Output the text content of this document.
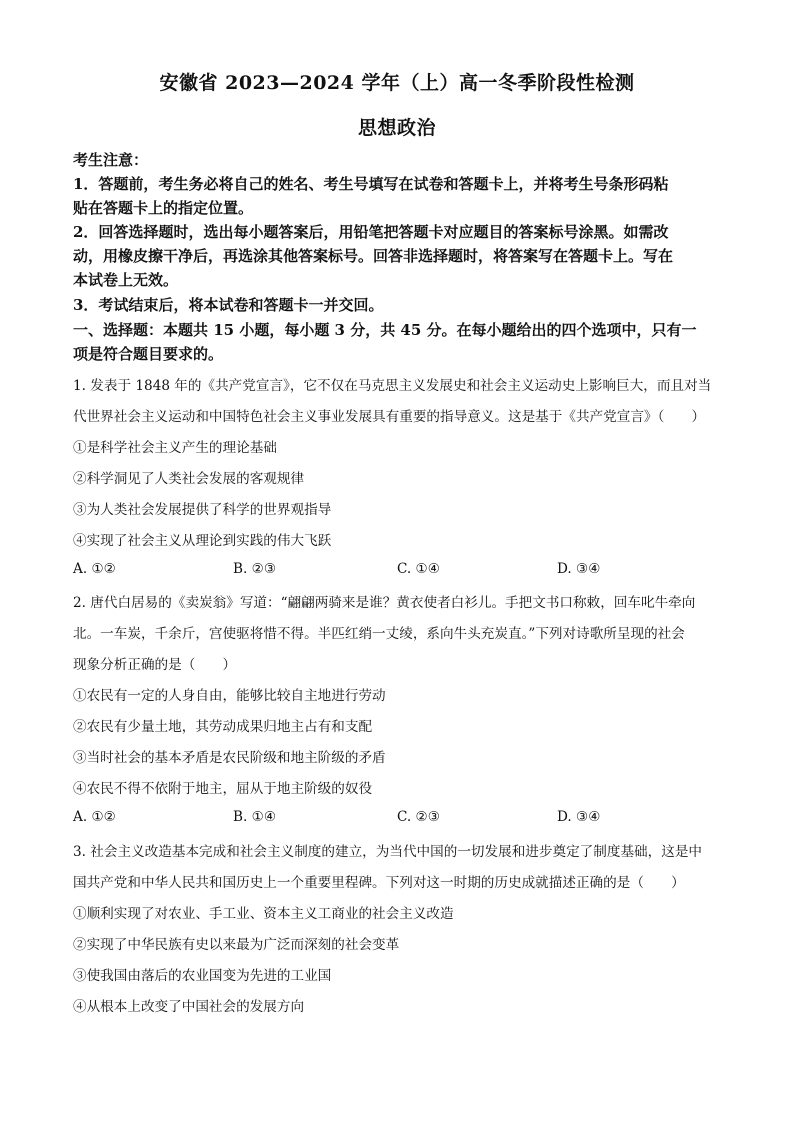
安徽省 2023—2024 学年（上）高一冬季阶段性检测
思想政治
考生注意：
1．答题前，考生务必将自己的姓名、考生号填写在试卷和答题卡上，并将考生号条形码粘
贴在答题卡上的指定位置。
2．回答选择题时，选出每小题答案后，用铅笔把答题卡对应题目的答案标号涂黑。如需改
动，用橡皮擦干净后，再选涂其他答案标号。回答非选择题时，将答案写在答题卡上。写在
本试卷上无效。
3．考试结束后，将本试卷和答题卡一并交回。
一、选择题：本题共 15 小题，每小题 3 分，共 45 分。在每小题给出的四个选项中，只有一
项是符合题目要求的。
1. 发表于 1848 年的《共产党宣言》，它不仅在马克思主义发展史和社会主义运动史上影响巨大，而且对当
代世界社会主义运动和中国特色社会主义事业发展具有重要的指导意义。这是基于《共产党宣言》（　　）
①是科学社会主义产生的理论基础
②科学洞见了人类社会发展的客观规律
③为人类社会发展提供了科学的世界观指导
④实现了社会主义从理论到实践的伟大飞跃
A. ①②	B. ②③	C. ①④	D. ③④
2. 唐代白居易的《卖炭翁》写道：“翩翩两骑来是谁？黄衣使者白衫儿。手把文书口称敕，回车叱牛牵向
北。一车炭，千余斤，宫使驱将惜不得。半匹红绡一丈绫，系向牛头充炭直。”下列对诗歌所呈现的社会
现象分析正确的是（　　）
①农民有一定的人身自由，能够比较自主地进行劳动
②农民有少量土地，其劳动成果归地主占有和支配
③当时社会的基本矛盾是农民阶级和地主阶级的矛盾
④农民不得不依附于地主，屈从于地主阶级的奴役
A. ①②	B. ①④	C. ②③	D. ③④
3. 社会主义改造基本完成和社会主义制度的建立，为当代中国的一切发展和进步奠定了制度基础，这是中
国共产党和中华人民共和国历史上一个重要里程碑。下列对这一时期的历史成就描述正确的是（　　）
①顺利实现了对农业、手工业、资本主义工商业的社会主义改造
②实现了中华民族有史以来最为广泛而深刻的社会变革
③使我国由落后的农业国变为先进的工业国
④从根本上改变了中国社会的发展方向
